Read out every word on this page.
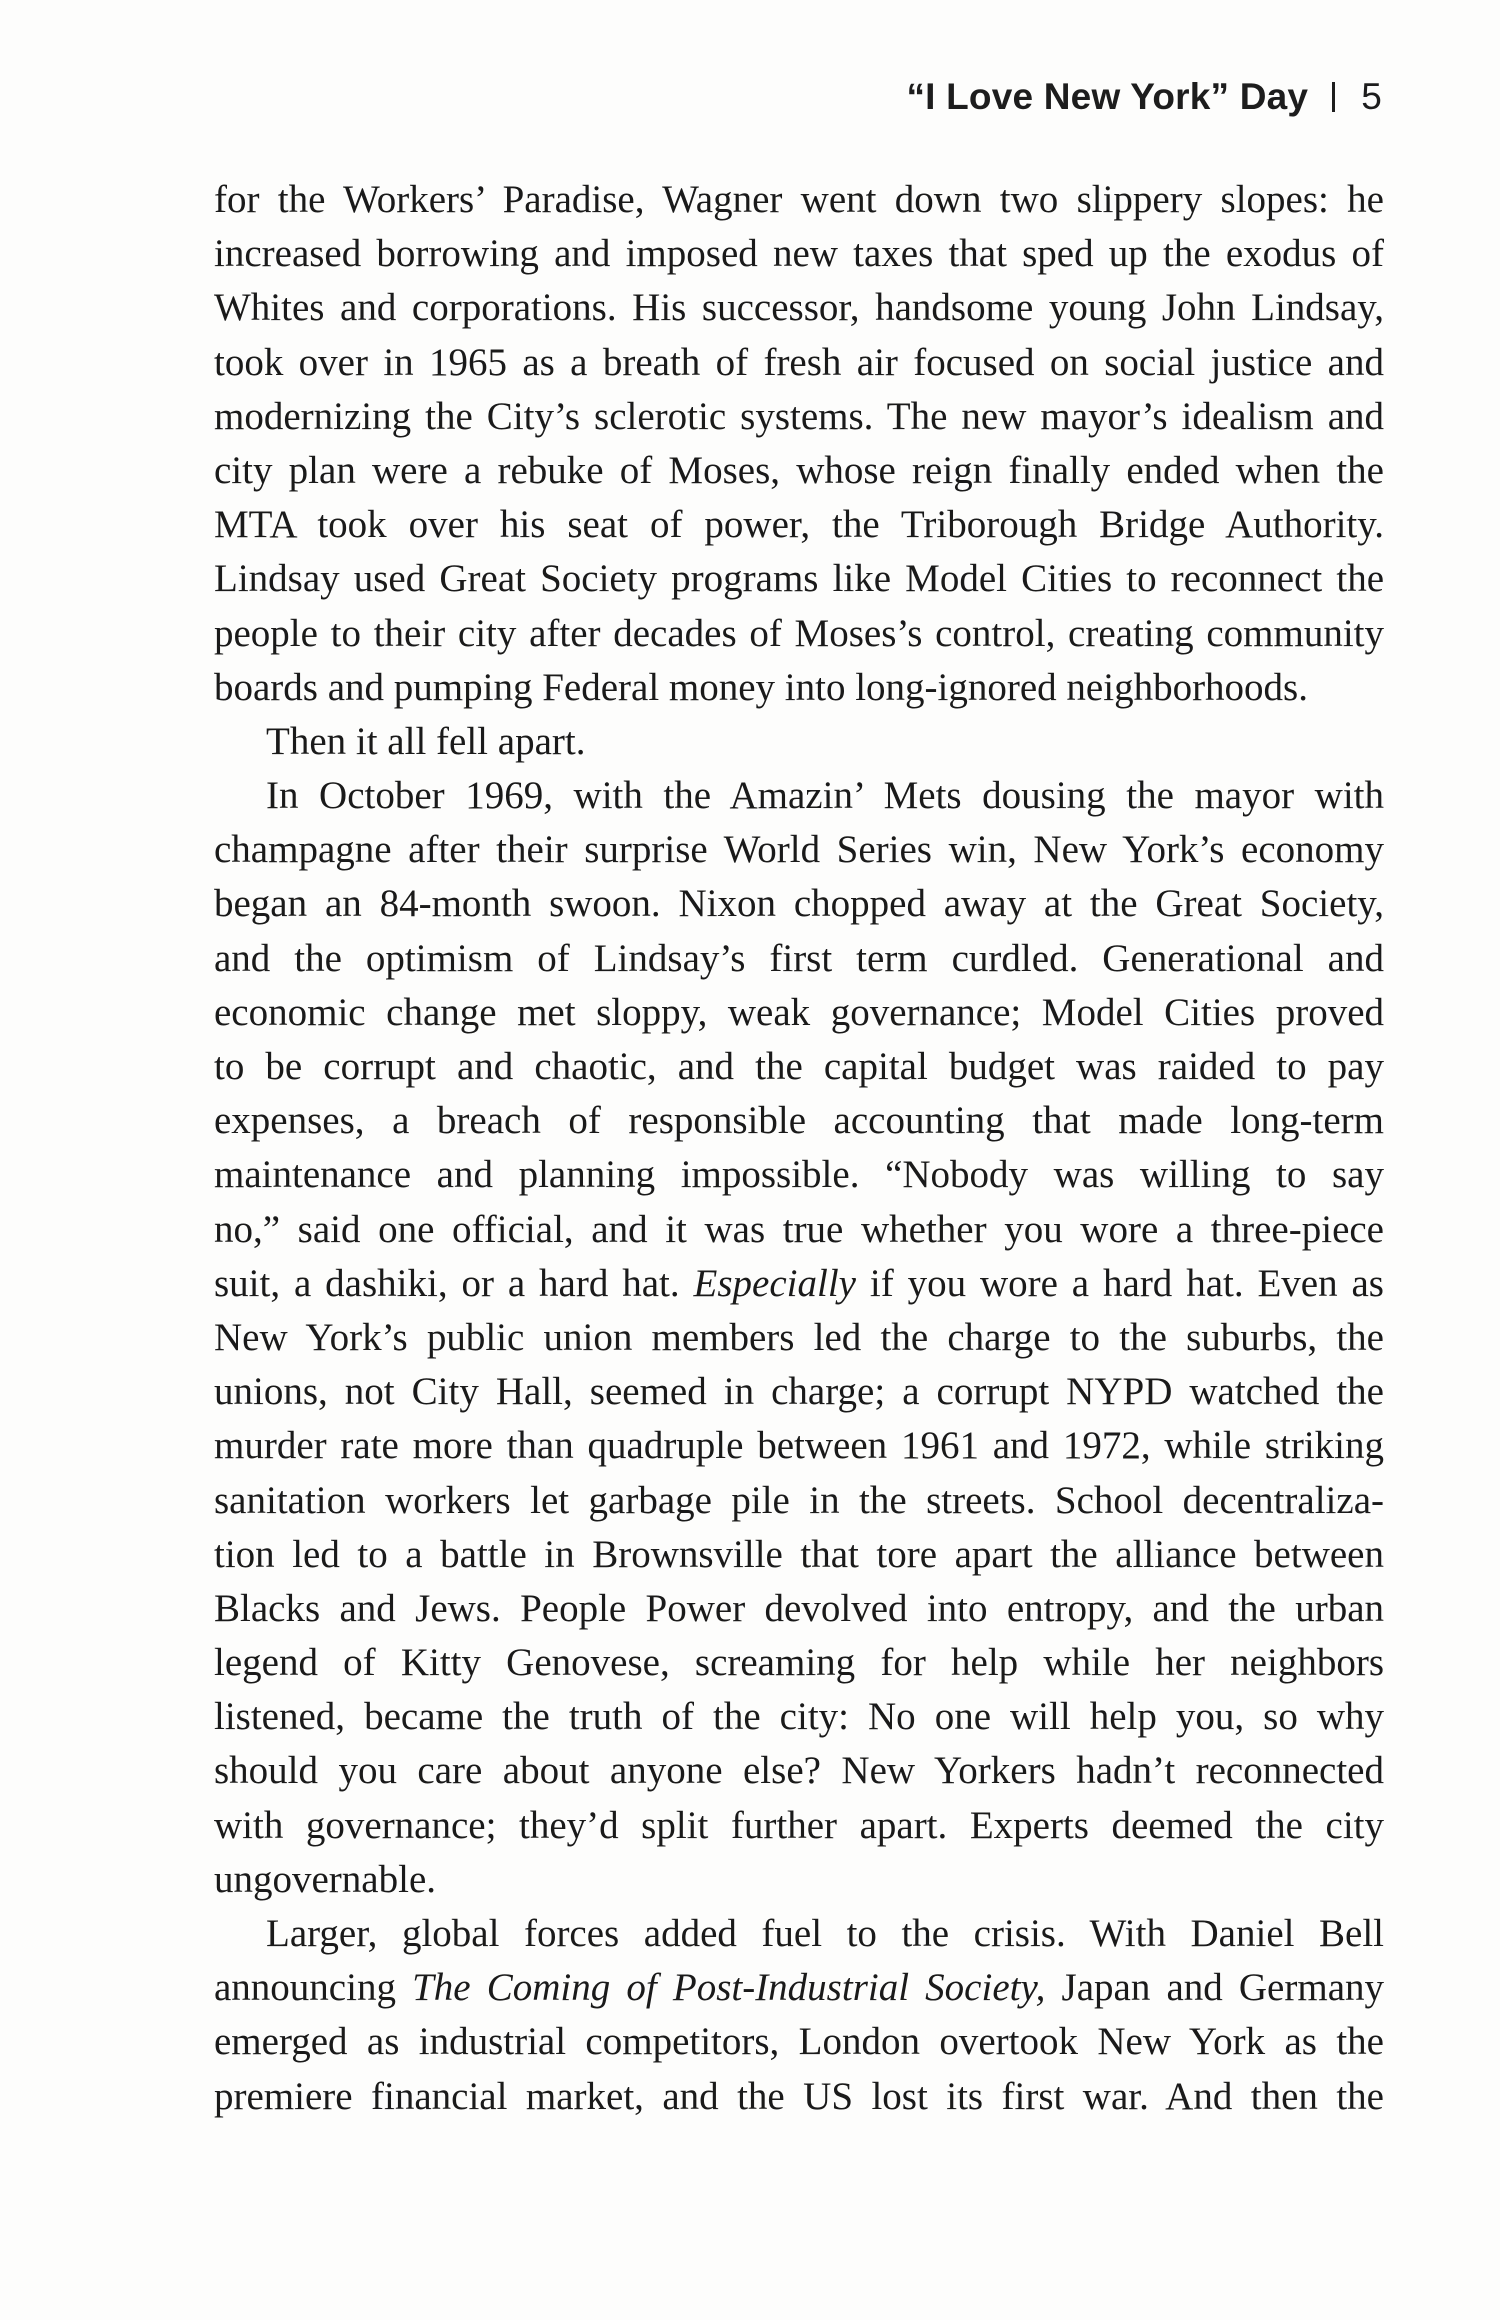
“I Love New York” Day 5
for the Workers’ Paradise, Wagner went down two slippery slopes: he
increased borrowing and imposed new taxes that sped up the exodus of
Whites and corporations. His successor, handsome young John Lindsay,
took over in 1965 as a breath of fresh air focused on social justice and
modernizing the City’s sclerotic systems. The new mayor’s idealism and
city plan were a rebuke of Moses, whose reign finally ended when the
MTA took over his seat of power, the Triborough Bridge Authority.
Lindsay used Great Society programs like Model Cities to reconnect the
people to their city after decades of Moses’s control, creating community
boards and pumping Federal money into long-ignored neighborhoods.
Then it all fell apart.
In October 1969, with the Amazin’ Mets dousing the mayor with
champagne after their surprise World Series win, New York’s economy
began an 84-month swoon. Nixon chopped away at the Great Society,
and the optimism of Lindsay’s first term curdled. Generational and
economic change met sloppy, weak governance; Model Cities proved
to be corrupt and chaotic, and the capital budget was raided to pay
expenses, a breach of responsible accounting that made long-term
maintenance and planning impossible. “Nobody was willing to say
no,” said one official, and it was true whether you wore a three-piece
suit, a dashiki, or a hard hat. Especially if you wore a hard hat. Even as
New York’s public union members led the charge to the suburbs, the
unions, not City Hall, seemed in charge; a corrupt NYPD watched the
murder rate more than quadruple between 1961 and 1972, while striking
sanitation workers let garbage pile in the streets. School decentraliza-
tion led to a battle in Brownsville that tore apart the alliance between
Blacks and Jews. People Power devolved into entropy, and the urban
legend of Kitty Genovese, screaming for help while her neighbors
listened, became the truth of the city: No one will help you, so why
should you care about anyone else? New Yorkers hadn’t reconnected
with governance; they’d split further apart. Experts deemed the city
ungovernable.
Larger, global forces added fuel to the crisis. With Daniel Bell
announcing The Coming of Post-Industrial Society, Japan and Germany
emerged as industrial competitors, London overtook New York as the
premiere financial market, and the US lost its first war. And then the
